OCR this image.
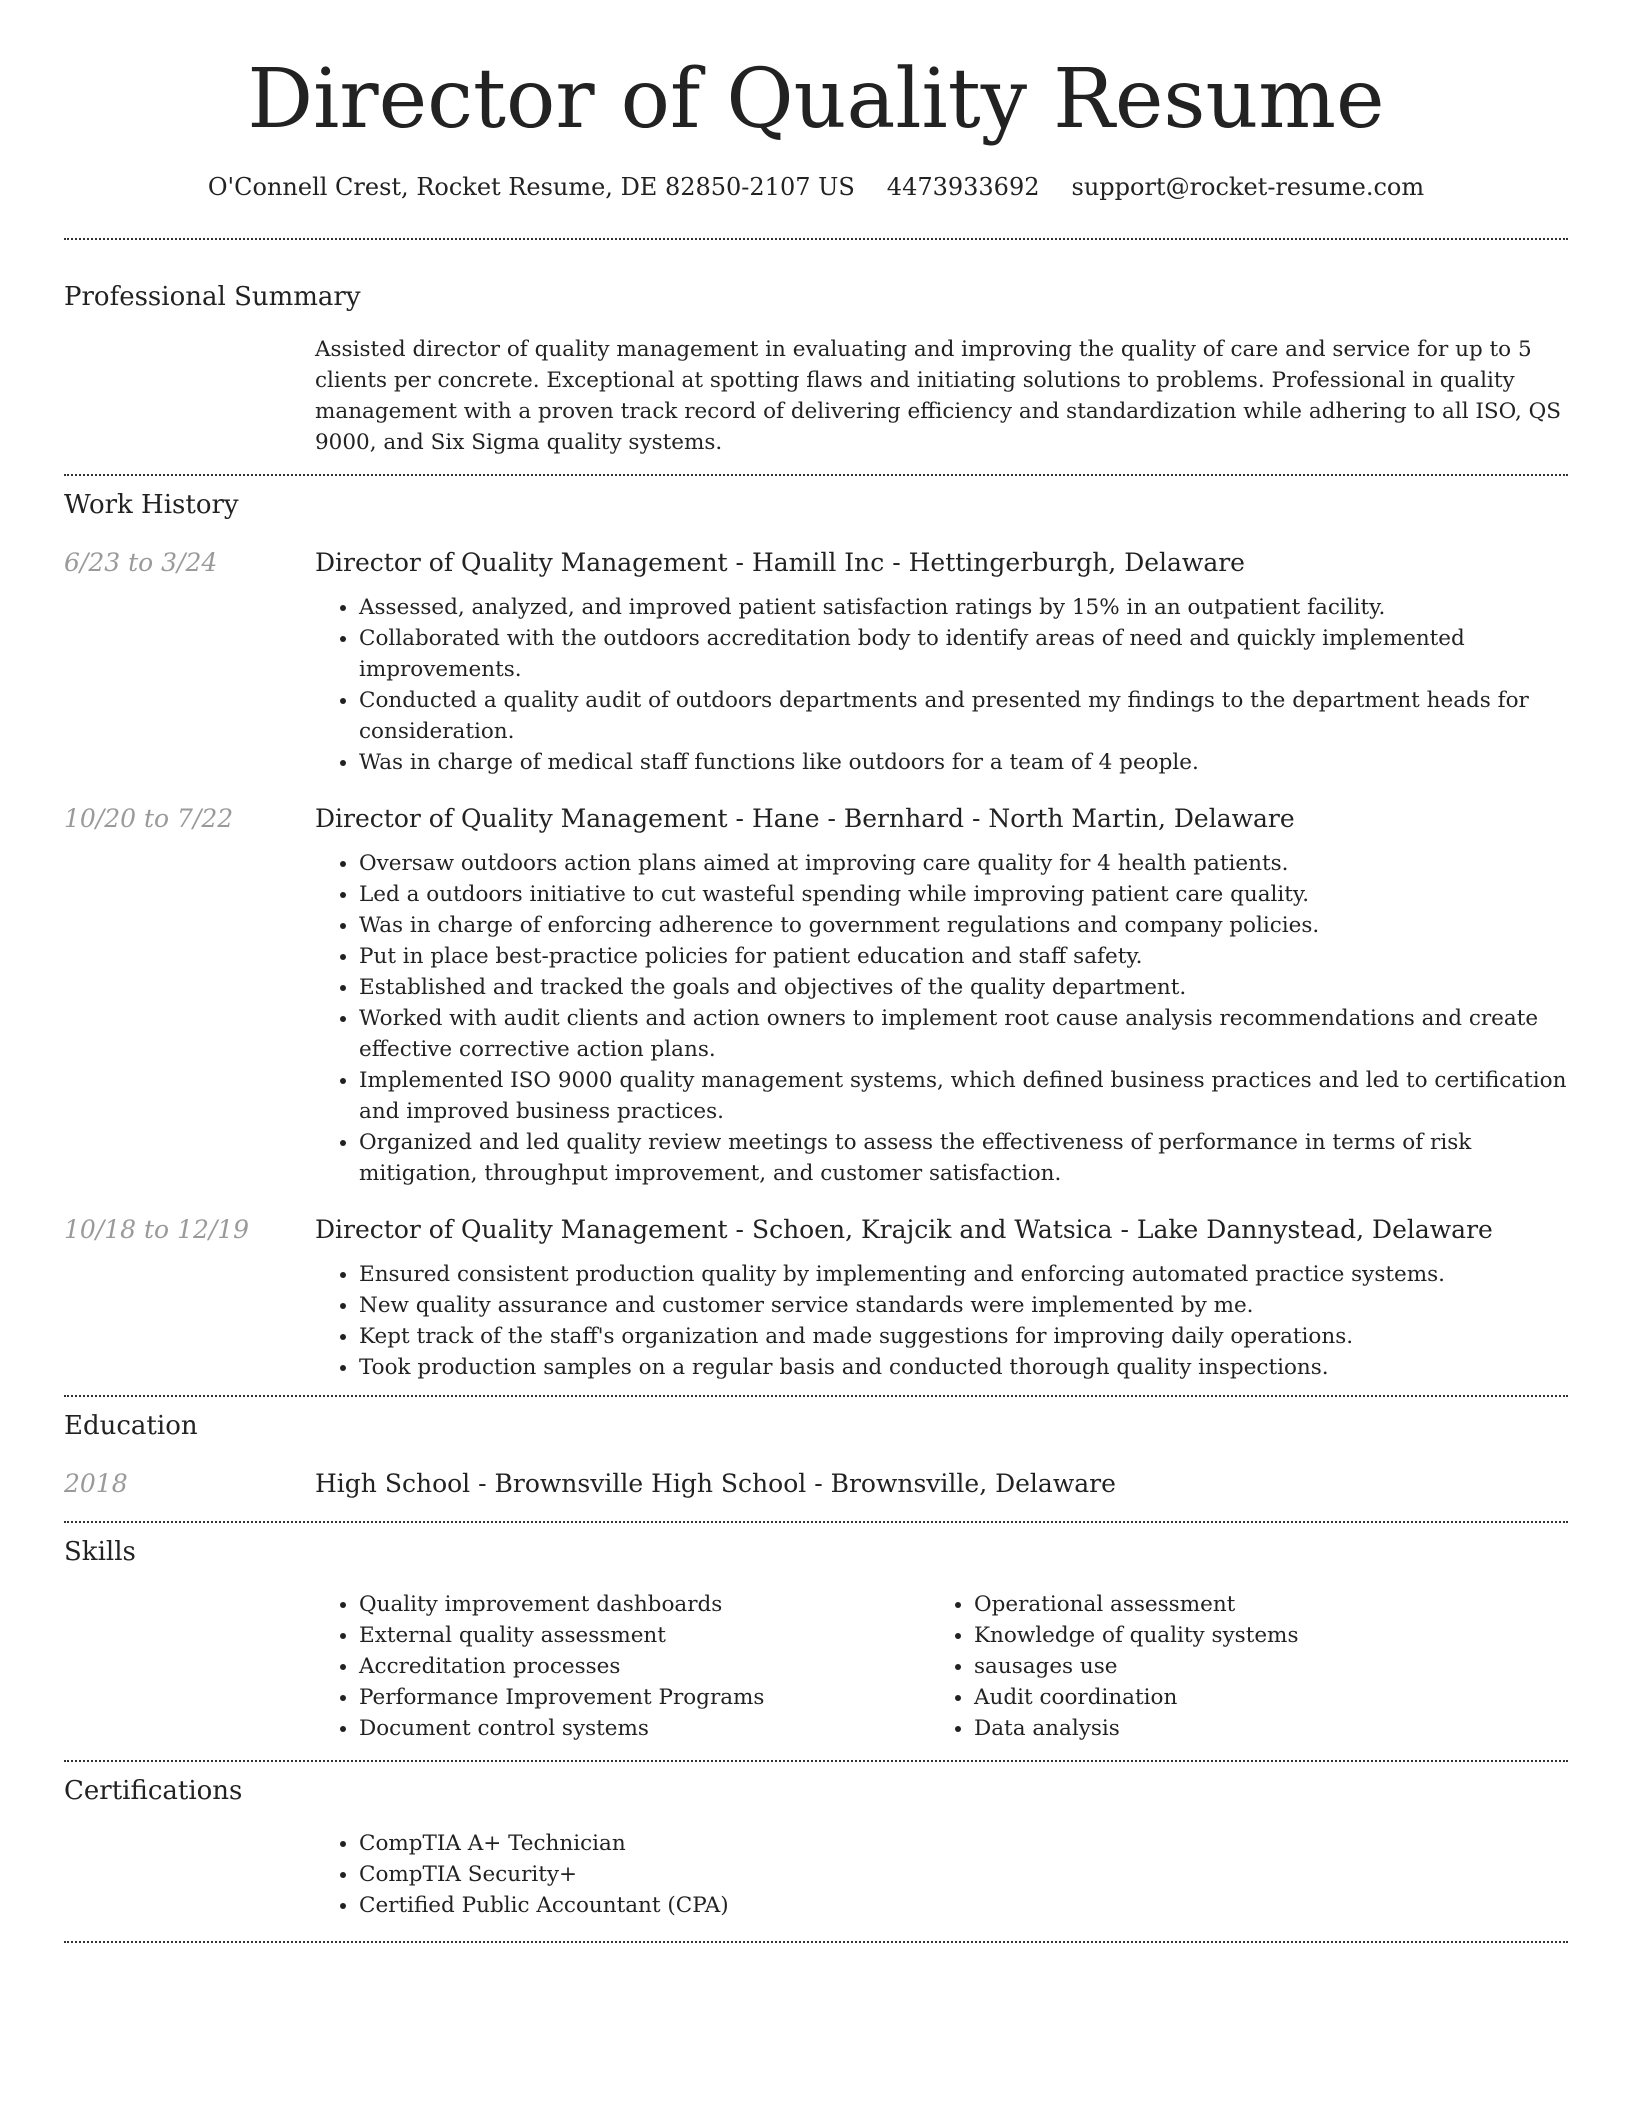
Director of Quality Resume
O'Connell Crest, Rocket Resume, DE 82850-2107 US 4473933692 support@rocket-resume.com
Professional Summary
Assisted director of quality management in evaluating and improving the quality of care and service for up to 5 clients per concrete. Exceptional at spotting flaws and initiating solutions to problems. Professional in quality management with a proven track record of delivering efficiency and standardization while adhering to all ISO, QS 9000, and Six Sigma quality systems.
Work History
6/23 to 3/24	Director of Quality Management - Hamill Inc - Hettingerburgh, Delaware
• Assessed, analyzed, and improved patient satisfaction ratings by 15% in an outpatient facility.
• Collaborated with the outdoors accreditation body to identify areas of need and quickly implemented improvements.
• Conducted a quality audit of outdoors departments and presented my findings to the department heads for consideration.
• Was in charge of medical staff functions like outdoors for a team of 4 people.
10/20 to 7/22	Director of Quality Management - Hane - Bernhard - North Martin, Delaware
• Oversaw outdoors action plans aimed at improving care quality for 4 health patients.
• Led a outdoors initiative to cut wasteful spending while improving patient care quality.
• Was in charge of enforcing adherence to government regulations and company policies.
• Put in place best-practice policies for patient education and staff safety.
• Established and tracked the goals and objectives of the quality department.
• Worked with audit clients and action owners to implement root cause analysis recommendations and create effective corrective action plans.
• Implemented ISO 9000 quality management systems, which defined business practices and led to certification and improved business practices.
• Organized and led quality review meetings to assess the effectiveness of performance in terms of risk mitigation, throughput improvement, and customer satisfaction.
10/18 to 12/19	Director of Quality Management - Schoen, Krajcik and Watsica - Lake Dannystead, Delaware
• Ensured consistent production quality by implementing and enforcing automated practice systems.
• New quality assurance and customer service standards were implemented by me.
• Kept track of the staff's organization and made suggestions for improving daily operations.
• Took production samples on a regular basis and conducted thorough quality inspections.
Education
2018	High School - Brownsville High School - Brownsville, Delaware
Skills
• Quality improvement dashboards
• External quality assessment
• Accreditation processes
• Performance Improvement Programs
• Document control systems
• Operational assessment
• Knowledge of quality systems
• sausages use
• Audit coordination
• Data analysis
Certifications
• CompTIA A+ Technician
• CompTIA Security+
• Certified Public Accountant (CPA)
